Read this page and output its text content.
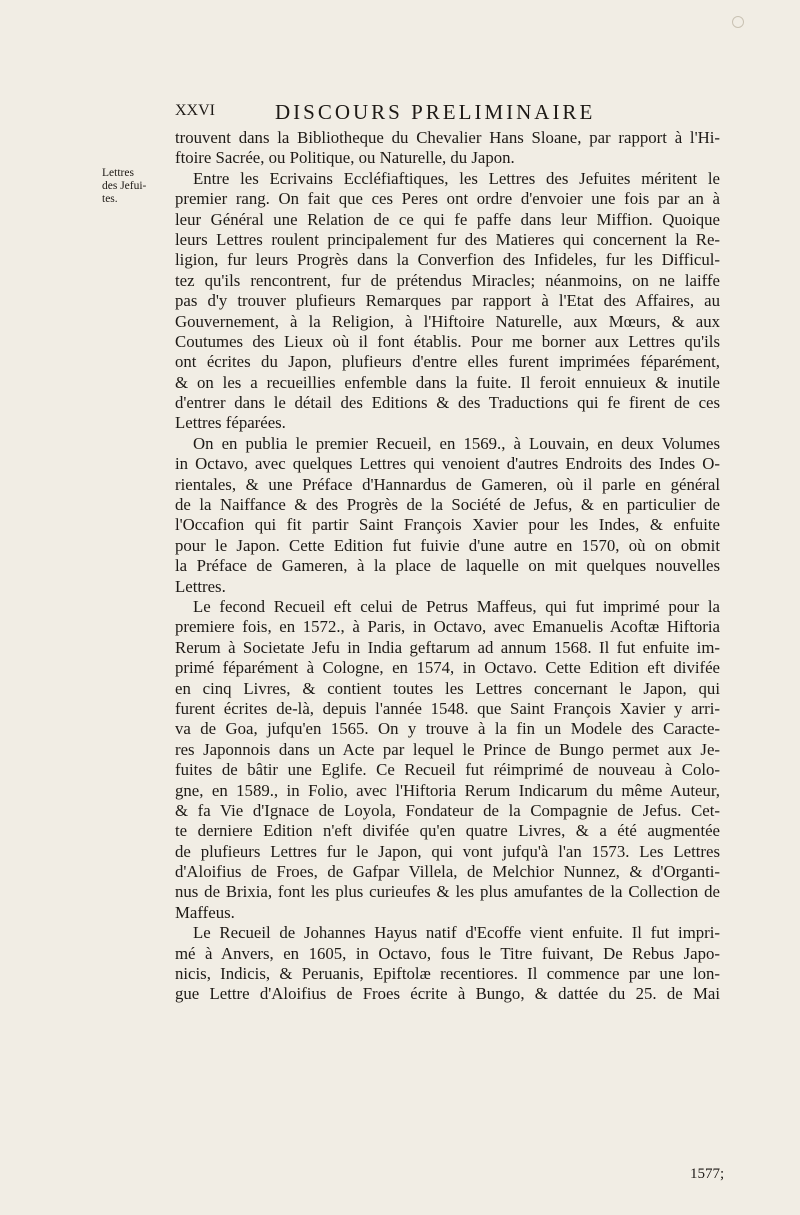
XXVI	DISCOURS PRELIMINAIRE
Lettres
des Jefui-
tes.
trouvent dans la Bibliotheque du Chevalier Hans Sloane, par rapport à l'Hi-
ftoire Sacrée, ou Politique, ou Naturelle, du Japon.
Entre les Ecrivains Eccléfiaftiques, les Lettres des Jefuites méritent le
premier rang. On fait que ces Peres ont ordre d'envoier une fois par an à
leur Général une Relation de ce qui fe paffe dans leur Miffion. Quoique
leurs Lettres roulent principalement fur des Matieres qui concernent la Re-
ligion, fur leurs Progrès dans la Converfion des Infideles, fur les Difficul-
tez qu'ils rencontrent, fur de prétendus Miracles; néanmoins, on ne laiffe
pas d'y trouver plufieurs Remarques par rapport à l'Etat des Affaires, au
Gouvernement, à la Religion, à l'Hiftoire Naturelle, aux Mœurs, & aux
Coutumes des Lieux où il font établis. Pour me borner aux Lettres qu'ils
ont écrites du Japon, plufieurs d'entre elles furent imprimées féparément,
& on les a recueillies enfemble dans la fuite. Il feroit ennuieux & inutile
d'entrer dans le détail des Editions & des Traductions qui fe firent de ces
Lettres féparées.
On en publia le premier Recueil, en 1569., à Louvain, en deux Volumes
in Octavo, avec quelques Lettres qui venoient d'autres Endroits des Indes O-
rientales, & une Préface d'Hannardus de Gameren, où il parle en général
de la Naiffance & des Progrès de la Société de Jefus, & en particulier de
l'Occafion qui fit partir Saint François Xavier pour les Indes, & enfuite
pour le Japon. Cette Edition fut fuivie d'une autre en 1570, où on obmit
la Préface de Gameren, à la place de laquelle on mit quelques nouvelles
Lettres.
Le fecond Recueil eft celui de Petrus Maffeus, qui fut imprimé pour la
premiere fois, en 1572., à Paris, in Octavo, avec Emanuelis Acoftæ Hiftoria
Rerum à Societate Jefu in India geftarum ad annum 1568. Il fut enfuite im-
primé féparément à Cologne, en 1574, in Octavo. Cette Edition eft divifée
en cinq Livres, & contient toutes les Lettres concernant le Japon, qui
furent écrites de-là, depuis l'année 1548. que Saint François Xavier y arri-
va de Goa, jufqu'en 1565. On y trouve à la fin un Modele des Caracte-
res Japonnois dans un Acte par lequel le Prince de Bungo permet aux Je-
fuites de bâtir une Eglife. Ce Recueil fut réimprimé de nouveau à Colo-
gne, en 1589., in Folio, avec l'Hiftoria Rerum Indicarum du même Auteur,
& fa Vie d'Ignace de Loyola, Fondateur de la Compagnie de Jefus. Cet-
te derniere Edition n'eft divifée qu'en quatre Livres, & a été augmentée
de plufieurs Lettres fur le Japon, qui vont jufqu'à l'an 1573. Les Lettres
d'Aloifius de Froes, de Gafpar Villela, de Melchior Nunnez, & d'Organti-
nus de Brixia, font les plus curieufes & les plus amufantes de la Collection de
Maffeus.
Le Recueil de Johannes Hayus natif d'Ecoffe vient enfuite. Il fut impri-
mé à Anvers, en 1605, in Octavo, fous le Titre fuivant, De Rebus Japo-
nicis, Indicis, & Peruanis, Epiftolæ recentiores. Il commence par une lon-
gue Lettre d'Aloifius de Froes écrite à Bungo, & dattée du 25. de Mai
1577;
